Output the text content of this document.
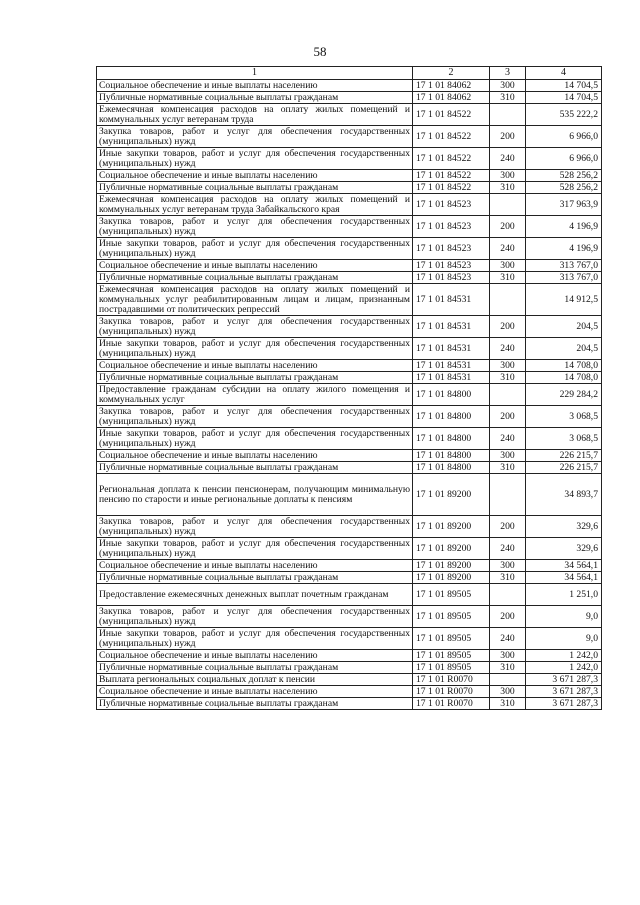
58
1	2	3	4
Социальное обеспечение и иные выплаты населению	17 1 01 84062	300	14 704,5
Публичные нормативные социальные выплаты гражданам	17 1 01 84062	310	14 704,5
Ежемесячная компенсация расходов на оплату жилых помещений и коммунальных услуг ветеранам труда	17 1 01 84522		535 222,2
Закупка товаров, работ и услуг для обеспечения государственных (муниципальных) нужд	17 1 01 84522	200	6 966,0
Иные закупки товаров, работ и услуг для обеспечения государственных (муниципальных) нужд	17 1 01 84522	240	6 966,0
Социальное обеспечение и иные выплаты населению	17 1 01 84522	300	528 256,2
Публичные нормативные социальные выплаты гражданам	17 1 01 84522	310	528 256,2
Ежемесячная компенсация расходов на оплату жилых помещений и коммунальных услуг ветеранам труда Забайкальского края	17 1 01 84523		317 963,9
Закупка товаров, работ и услуг для обеспечения государственных (муниципальных) нужд	17 1 01 84523	200	4 196,9
Иные закупки товаров, работ и услуг для обеспечения государственных (муниципальных) нужд	17 1 01 84523	240	4 196,9
Социальное обеспечение и иные выплаты населению	17 1 01 84523	300	313 767,0
Публичные нормативные социальные выплаты гражданам	17 1 01 84523	310	313 767,0
Ежемесячная компенсация расходов на оплату жилых помещений и коммунальных услуг реабилитированным лицам и лицам, признанным пострадавшими от политических репрессий	17 1 01 84531		14 912,5
Закупка товаров, работ и услуг для обеспечения государственных (муниципальных) нужд	17 1 01 84531	200	204,5
Иные закупки товаров, работ и услуг для обеспечения государственных (муниципальных) нужд	17 1 01 84531	240	204,5
Социальное обеспечение и иные выплаты населению	17 1 01 84531	300	14 708,0
Публичные нормативные социальные выплаты гражданам	17 1 01 84531	310	14 708,0
Предоставление гражданам субсидии на оплату жилого помещения и коммунальных услуг	17 1 01 84800		229 284,2
Закупка товаров, работ и услуг для обеспечения государственных (муниципальных) нужд	17 1 01 84800	200	3 068,5
Иные закупки товаров, работ и услуг для обеспечения государственных (муниципальных) нужд	17 1 01 84800	240	3 068,5
Социальное обеспечение и иные выплаты населению	17 1 01 84800	300	226 215,7
Публичные нормативные социальные выплаты гражданам	17 1 01 84800	310	226 215,7
Региональная доплата к пенсии пенсионерам, получающим минимальную пенсию по старости и иные региональные доплаты к пенсиям	17 1 01 89200		34 893,7
Закупка товаров, работ и услуг для обеспечения государственных (муниципальных) нужд	17 1 01 89200	200	329,6
Иные закупки товаров, работ и услуг для обеспечения государственных (муниципальных) нужд	17 1 01 89200	240	329,6
Социальное обеспечение и иные выплаты населению	17 1 01 89200	300	34 564,1
Публичные нормативные социальные выплаты гражданам	17 1 01 89200	310	34 564,1
Предоставление ежемесячных денежных выплат почетным гражданам	17 1 01 89505		1 251,0
Закупка товаров, работ и услуг для обеспечения государственных (муниципальных) нужд	17 1 01 89505	200	9,0
Иные закупки товаров, работ и услуг для обеспечения государственных (муниципальных) нужд	17 1 01 89505	240	9,0
Социальное обеспечение и иные выплаты населению	17 1 01 89505	300	1 242,0
Публичные нормативные социальные выплаты гражданам	17 1 01 89505	310	1 242,0
Выплата региональных социальных доплат к пенсии	17 1 01 R0070		3 671 287,3
Социальное обеспечение и иные выплаты населению	17 1 01 R0070	300	3 671 287,3
Публичные нормативные социальные выплаты гражданам	17 1 01 R0070	310	3 671 287,3
